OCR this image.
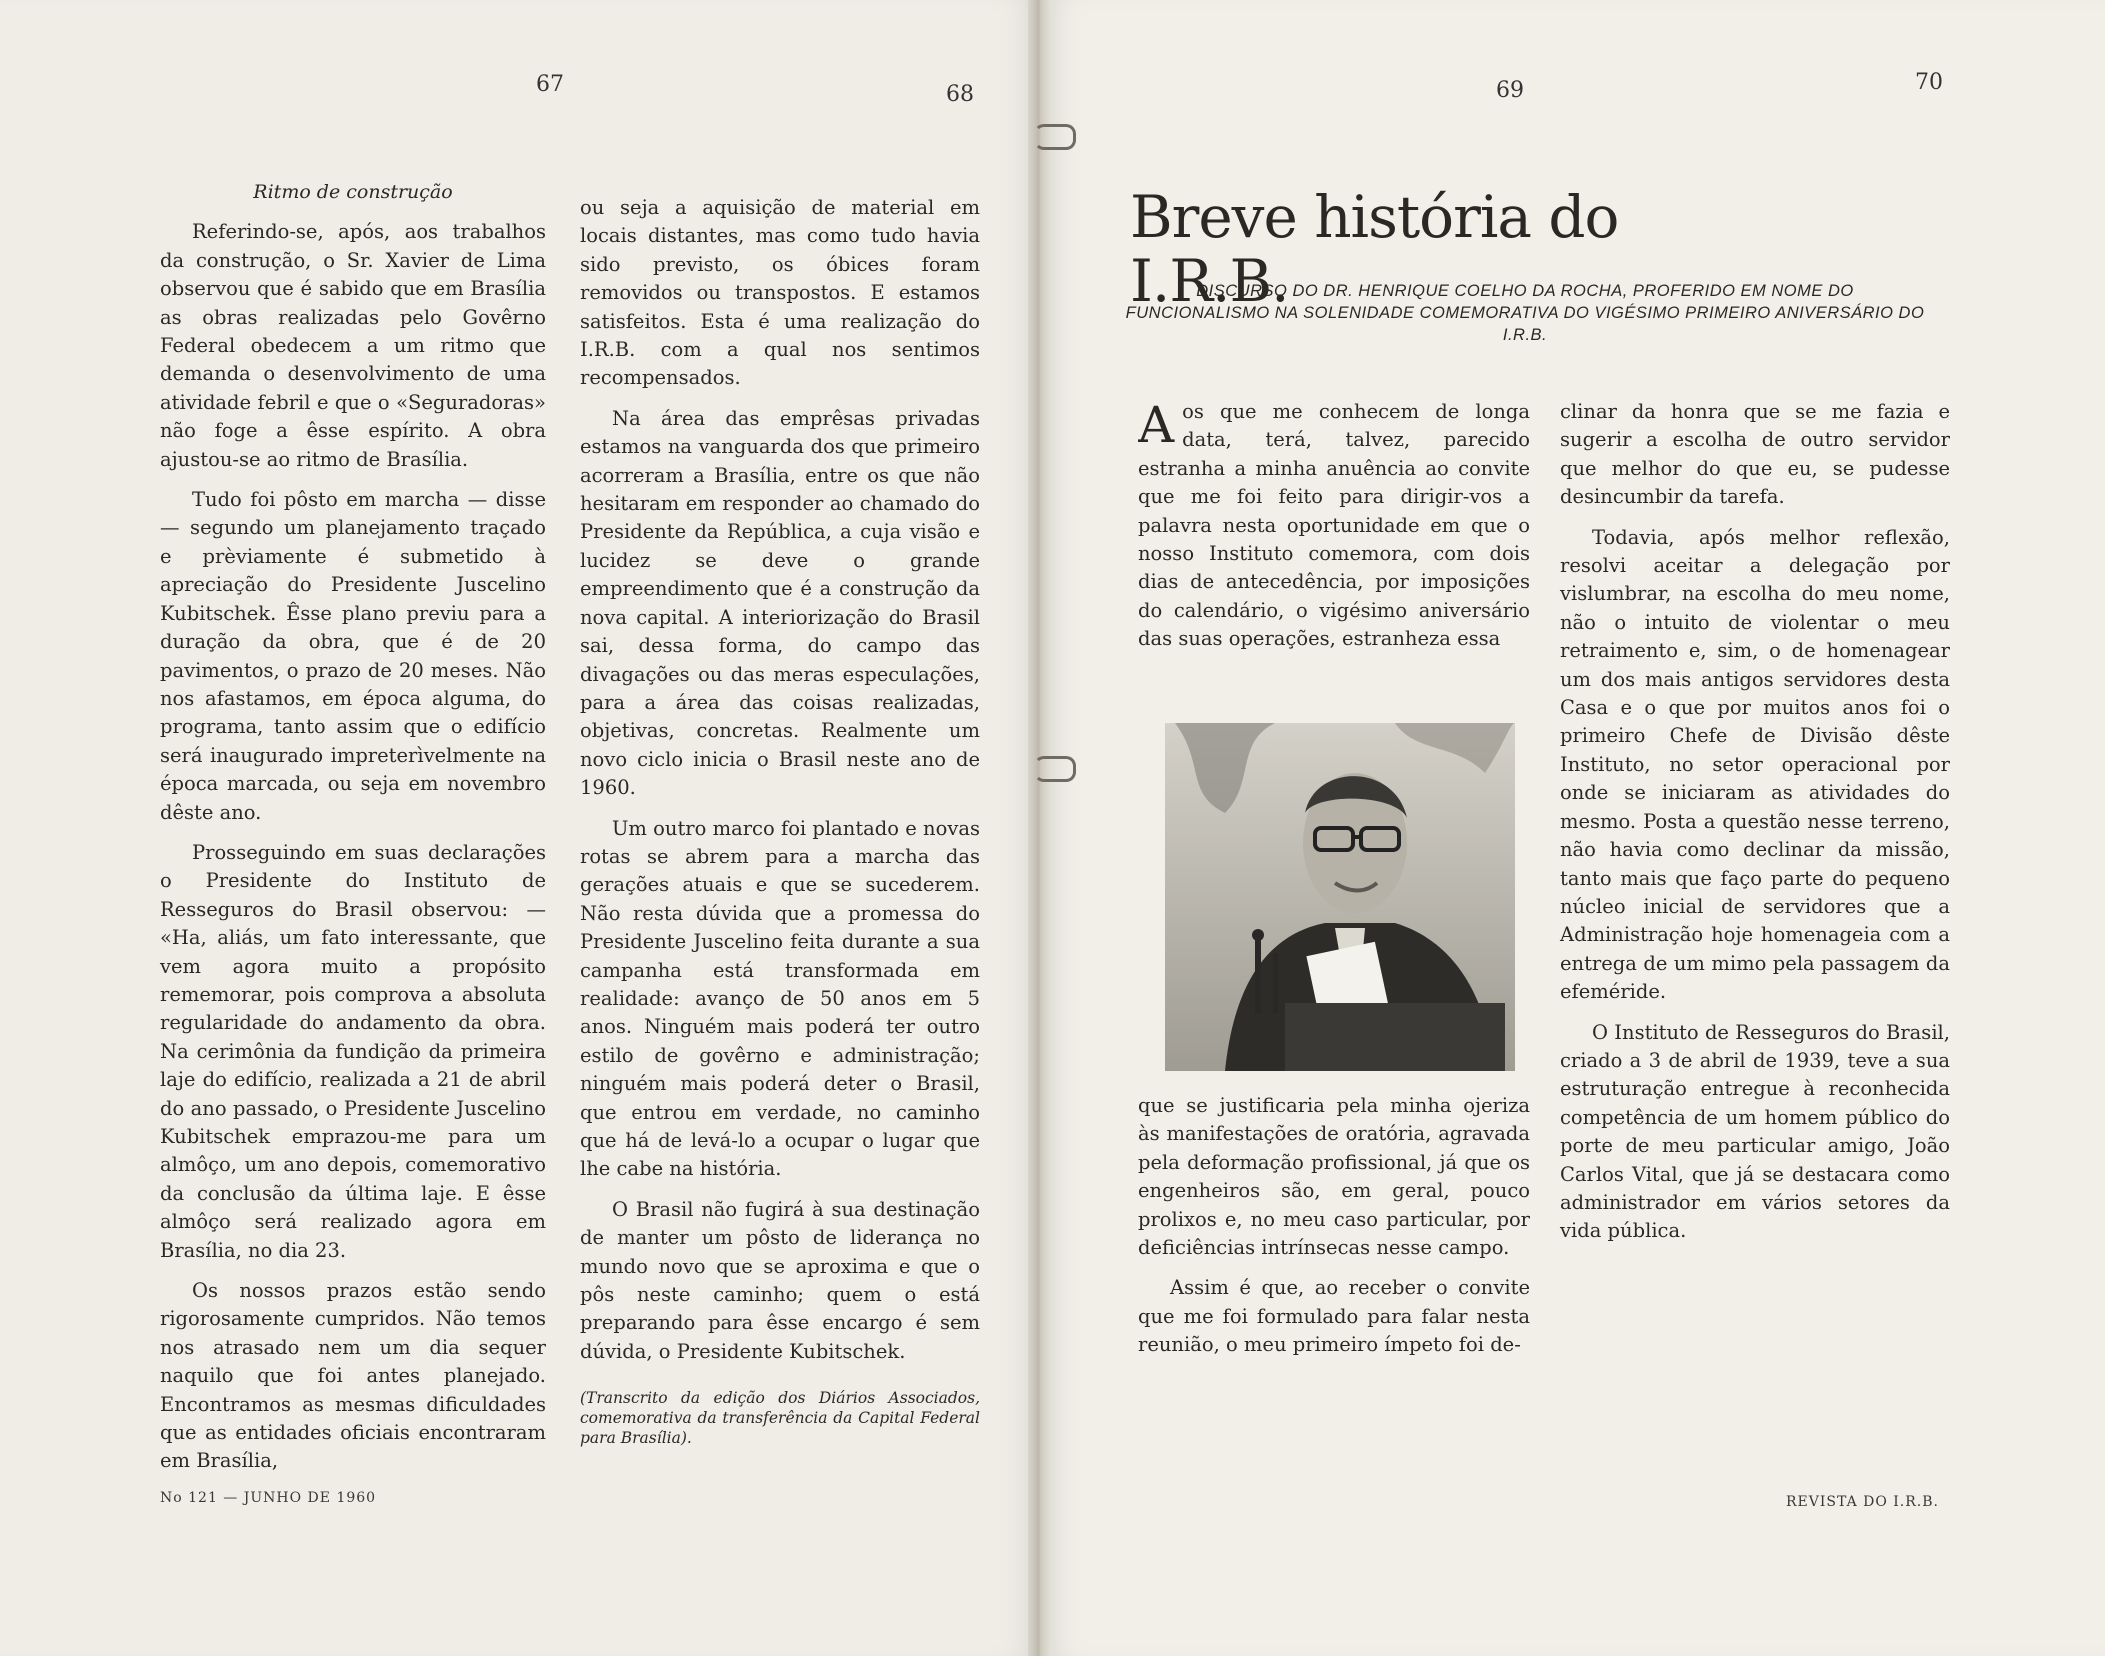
67	68

Ritmo de construção

Referindo-se, após, aos trabalhos da construção, o Sr. Xavier de Lima observou que é sabido que em Brasília as obras realizadas pelo Govêrno Federal obedecem a um ritmo que demanda o desenvolvimento de uma atividade febril e que o «Seguradoras» não foge a êsse espírito. A obra ajustou-se ao ritmo de Brasília.

Tudo foi pôsto em marcha — disse — segundo um planejamento traçado e prèviamente é submetido à apreciação do Presidente Juscelino Kubitschek. Êsse plano previu para a duração da obra, que é de 20 pavimentos, o prazo de 20 meses. Não nos afastamos, em época alguma, do programa, tanto assim que o edifício será inaugurado impreterìvelmente na época marcada, ou seja em novembro dêste ano.

Prosseguindo em suas declarações o Presidente do Instituto de Resseguros do Brasil observou: — «Ha, aliás, um fato interessante, que vem agora muito a propósito rememorar, pois comprova a absoluta regularidade do andamento da obra. Na cerimônia da fundição da primeira laje do edifício, realizada a 21 de abril do ano passado, o Presidente Juscelino Kubitschek emprazou-me para um almôço, um ano depois, comemorativo da conclusão da última laje. E êsse almôço será realizado agora em Brasília, no dia 23.

Os nossos prazos estão sendo rigorosamente cumpridos. Não temos nos atrasado nem um dia sequer naquilo que foi antes planejado. Encontramos as mesmas dificuldades que as entidades oficiais encontraram em Brasília,

ou seja a aquisição de material em locais distantes, mas como tudo havia sido previsto, os óbices foram removidos ou transpostos. E estamos satisfeitos. Esta é uma realização do I.R.B. com a qual nos sentimos recompensados.

Na área das emprêsas privadas estamos na vanguarda dos que primeiro acorreram a Brasília, entre os que não hesitaram em responder ao chamado do Presidente da República, a cuja visão e lucidez se deve o grande empreendimento que é a construção da nova capital. A interiorização do Brasil sai, dessa forma, do campo das divagações ou das meras especulações, para a área das coisas realizadas, objetivas, concretas. Realmente um novo ciclo inicia o Brasil neste ano de 1960.

Um outro marco foi plantado e novas rotas se abrem para a marcha das gerações atuais e que se sucederem. Não resta dúvida que a promessa do Presidente Juscelino feita durante a sua campanha está transformada em realidade: avanço de 50 anos em 5 anos. Ninguém mais poderá ter outro estilo de govêrno e administração; ninguém mais poderá deter o Brasil, que entrou em verdade, no caminho que há de levá-lo a ocupar o lugar que lhe cabe na história.

O Brasil não fugirá à sua destinação de manter um pôsto de liderança no mundo novo que se aproxima e que o pôs neste caminho; quem o está preparando para êsse encargo é sem dúvida, o Presidente Kubitschek.

(Transcrito da edição dos Diários Associados, comemorativa da transferência da Capital Federal para Brasília).

No 121 — JUNHO DE 1960
69	70
Breve história do I.R.B.
DISCURSO DO DR. HENRIQUE COELHO DA ROCHA, PROFERIDO EM NOME DO FUNCIONALISMO NA SOLENIDADE COMEMORATIVA DO VIGÉSIMO PRIMEIRO ANIVERSÁRIO DO I.R.B.

Aos que me conhecem de longa data, terá, talvez, parecido estranha a minha anuência ao convite que me foi feito para dirigir-vos a palavra nesta oportunidade em que o nosso Instituto comemora, com dois dias de antecedência, por imposições do calendário, o vigésimo aniversário das suas operações, estranheza essa

que se justificaria pela minha ojeriza às manifestações de oratória, agravada pela deformação profissional, já que os engenheiros são, em geral, pouco prolixos e, no meu caso particular, por deficiências intrínsecas nesse campo.

Assim é que, ao receber o convite que me foi formulado para falar nesta reunião, o meu primeiro ímpeto foi de-

clinar da honra que se me fazia e sugerir a escolha de outro servidor que melhor do que eu, se pudesse desincumbir da tarefa.

Todavia, após melhor reflexão, resolvi aceitar a delegação por vislumbrar, na escolha do meu nome, não o intuito de violentar o meu retraimento e, sim, o de homenagear um dos mais antigos servidores desta Casa e o que por muitos anos foi o primeiro Chefe de Divisão dêste Instituto, no setor operacional por onde se iniciaram as atividades do mesmo. Posta a questão nesse terreno, não havia como declinar da missão, tanto mais que faço parte do pequeno núcleo inicial de servidores que a Administração hoje homenageia com a entrega de um mimo pela passagem da efeméride.

O Instituto de Resseguros do Brasil, criado a 3 de abril de 1939, teve a sua estruturação entregue à reconhecida competência de um homem público do porte de meu particular amigo, João Carlos Vital, que já se destacara como administrador em vários setores da vida pública.

REVISTA DO I.R.B.
